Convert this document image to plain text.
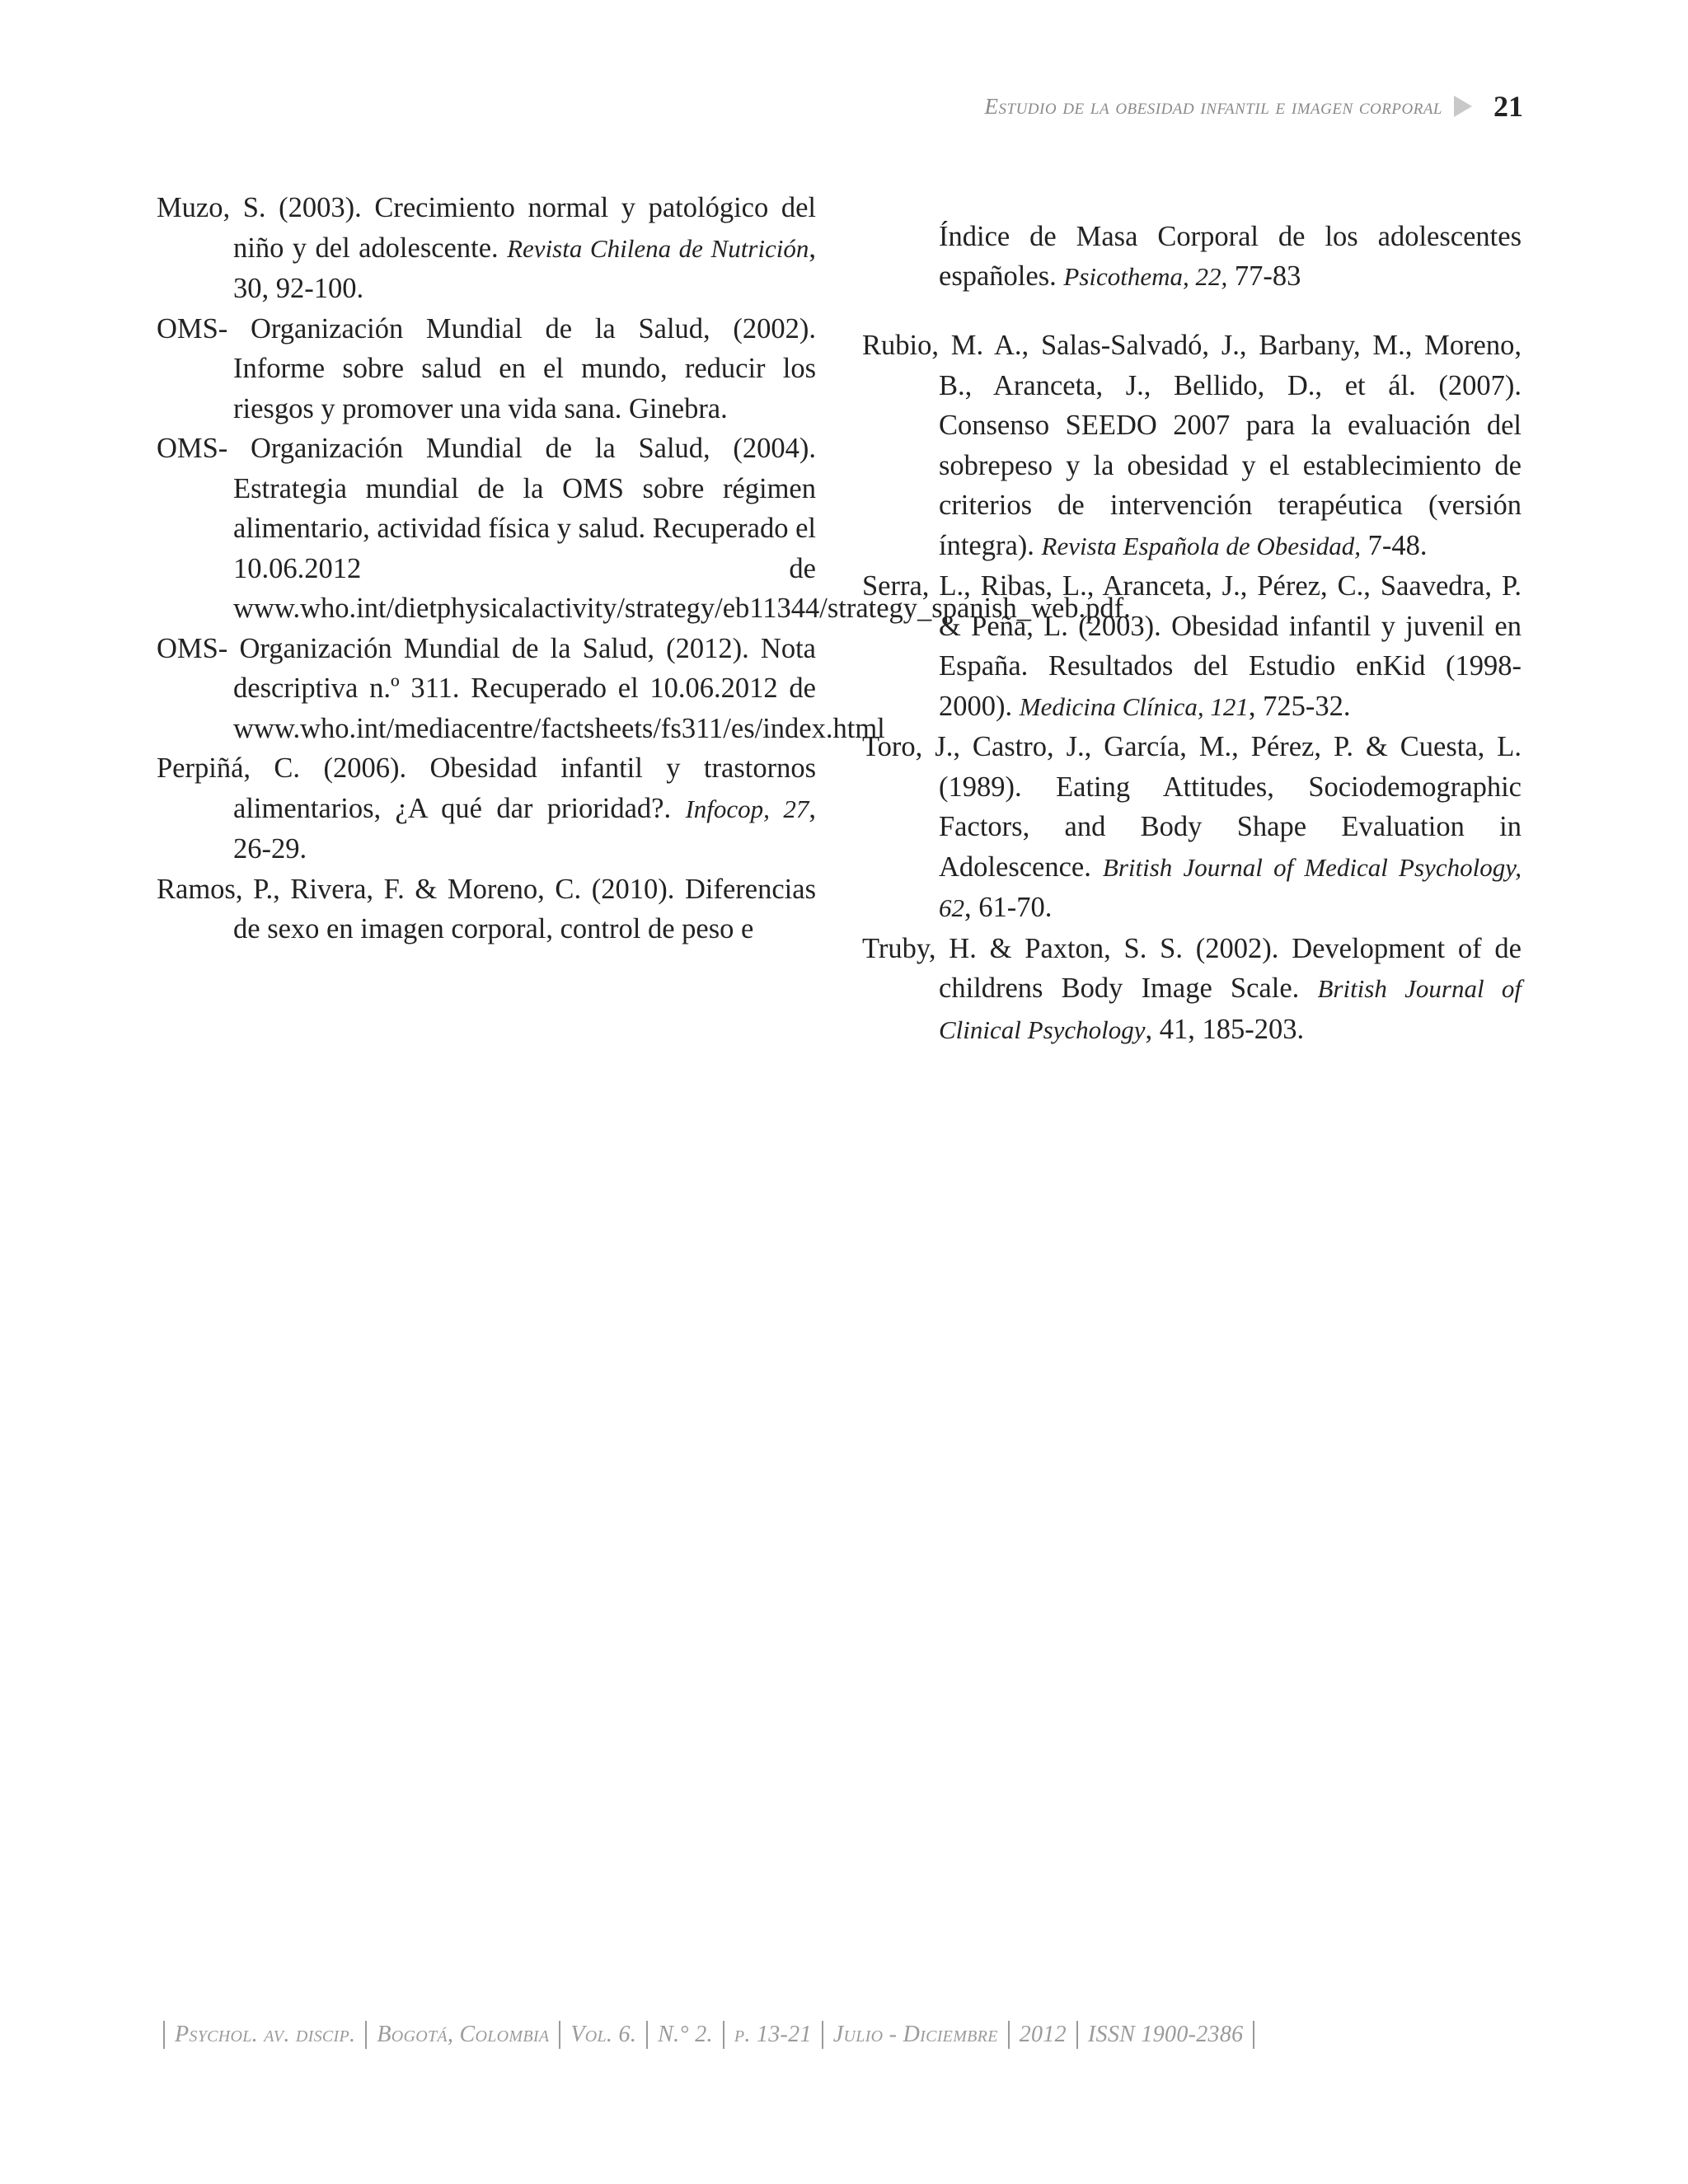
Estudio de la obesidad infantil e imagen corporal 21

Muzo, S. (2003). Crecimiento normal y patológico del niño y del adolescente. Revista Chilena de Nutrición, 30, 92-100.

OMS- Organización Mundial de la Salud, (2002). Informe sobre salud en el mundo, reducir los riesgos y promover una vida sana. Ginebra.

OMS- Organización Mundial de la Salud, (2004). Estrategia mundial de la OMS sobre régimen alimentario, actividad física y salud. Recuperado el 10.06.2012 de www.who.int/dietphysicalactivity/strategy/eb11344/strategy_spanish_web.pdf.

OMS- Organización Mundial de la Salud, (2012). Nota descriptiva n.º 311. Recuperado el 10.06.2012 de www.who.int/mediacentre/factsheets/fs311/es/index.html

Perpiñá, C. (2006). Obesidad infantil y trastornos alimentarios, ¿A qué dar prioridad?. Infocop, 27, 26-29.

Ramos, P., Rivera, F. & Moreno, C. (2010). Diferencias de sexo en imagen corporal, control de peso e

Índice de Masa Corporal de los adolescentes españoles. Psicothema, 22, 77-83

Rubio, M. A., Salas-Salvadó, J., Barbany, M., Moreno, B., Aranceta, J., Bellido, D., et ál. (2007). Consenso SEEDO 2007 para la evaluación del sobrepeso y la obesidad y el establecimiento de criterios de intervención terapéutica (versión íntegra). Revista Española de Obesidad, 7-48.

Serra, L., Ribas, L., Aranceta, J., Pérez, C., Saavedra, P. & Peña, L. (2003). Obesidad infantil y juvenil en España. Resultados del Estudio enKid (1998-2000). Medicina Clínica, 121, 725-32.

Toro, J., Castro, J., García, M., Pérez, P. & Cuesta, L. (1989). Eating Attitudes, Sociodemographic Factors, and Body Shape Evaluation in Adolescence. British Journal of Medical Psychology, 62, 61-70.

Truby, H. & Paxton, S. S. (2002). Development of de childrens Body Image Scale. British Journal of Clinical Psychology, 41, 185-203.

Psychol. av. discip. Bogotá, Colombia Vol. 6. N.° 2. p. 13-21 Julio - Diciembre 2012 ISSN 1900-2386
